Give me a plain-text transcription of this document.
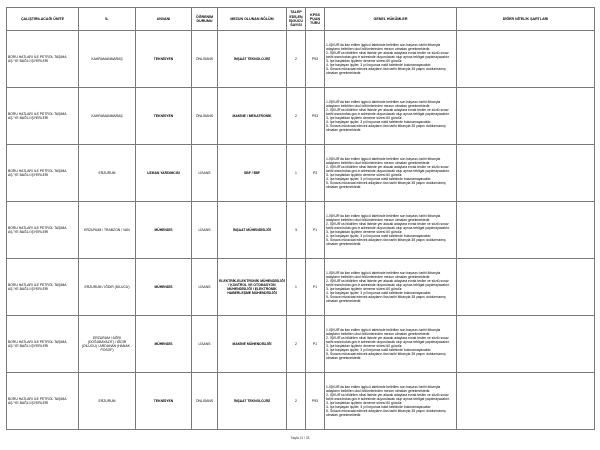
ÇALIŞTIRILACAĞI ÜNİTE	İL	UNVANI	ÖĞRENİM DURUMU	MEZUN OLUNAN BÖLÜM	TALEP EDİLEN İŞGÜCÜ SAYISI	KPSS PUAN TÜRÜ	GENEL HÜKÜMLER	DİĞER NİTELİK ŞARTLARI
BORU HATLARI İLE PETROL TAŞIMA AŞ.'YE BAĞLI İŞYERLERİ	KAHRAMANMARAŞ	TEKNİSYEN	ÖNLİSANS	İNŞAAT TEKNOLOJİSİ	2	P93	1-İŞKUR'da ilan edilen işgücü talebinde belirtilen son başvuru tarihi itibarıyla adayların belirtilen okul bölümlerinden mezun olmaları gerekmektedir.
2- İŞKUR'ca bildirilen nihai listede yer alacak adaylara evrak teslim ve sözlü sınav tarihi www.botas.gov.tr adresinde duyurulacak olup ayrıca tebligat yapılmayacaktır.
3- İşe başlatılan işçilerin deneme süresi 60 gündür.
4- İşe başlayan işçiler, 3 yıl boyunca nakil talebinde bulunamayacaktır.
5- Sınava müracaat edecek adayların ilan tarihi itibarıyla 35 yaşını doldurmamış olmaları gerekmektedir.	

BORU HATLARI İLE PETROL TAŞIMA AŞ.'YE BAĞLI İŞYERLERİ	KAHRAMANMARAŞ	TEKNİSYEN	ÖNLİSANS	MAKİNE / MEKATRONİK	2	P93	1-İŞKUR'da ilan edilen işgücü talebinde belirtilen son başvuru tarihi itibarıyla adayların belirtilen okul bölümlerinden mezun olmaları gerekmektedir.
2- İŞKUR'ca bildirilen nihai listede yer alacak adaylara evrak teslim ve sözlü sınav tarihi www.botas.gov.tr adresinde duyurulacak olup ayrıca tebligat yapılmayacaktır.
3- İşe başlatılan işçilerin deneme süresi 60 gündür.
4- İşe başlayan işçiler, 3 yıl boyunca nakil talebinde bulunamayacaktır.
5- Sınava müracaat edecek adayların ilan tarihi itibarıyla 35 yaşını doldurmamış olmaları gerekmektedir.	

BORU HATLARI İLE PETROL TAŞIMA AŞ.'YE BAĞLI İŞYERLERİ	ERZURUM	UZMAN YARDIMCISI	LİSANS	SBF / İİBF	1	P3	1-İŞKUR'da ilan edilen işgücü talebinde belirtilen son başvuru tarihi itibarıyla adayların belirtilen okul bölümlerinden mezun olmaları gerekmektedir.
2- İŞKUR'ca bildirilen nihai listede yer alacak adaylara evrak teslim ve sözlü sınav tarihi www.botas.gov.tr adresinde duyurulacak olup ayrıca tebligat yapılmayacaktır.
3- İşe başlatılan işçilerin deneme süresi 60 gündür.
4- İşe başlayan işçiler, 3 yıl boyunca nakil talebinde bulunamayacaktır.
5- Sınava müracaat edecek adayların ilan tarihi itibarıyla 35 yaşını doldurmamış olmaları gerekmektedir.	

BORU HATLARI İLE PETROL TAŞIMA AŞ.'YE BAĞLI İŞYERLERİ	ERZURUM / TRABZON / VAN	MÜHENDİS	LİSANS	İNŞAAT MÜHENDİSLİĞİ	3	P1	1-İŞKUR'da ilan edilen işgücü talebinde belirtilen son başvuru tarihi itibarıyla adayların belirtilen okul bölümlerinden mezun olmaları gerekmektedir.
2- İŞKUR'ca bildirilen nihai listede yer alacak adaylara evrak teslim ve sözlü sınav tarihi www.botas.gov.tr adresinde duyurulacak olup ayrıca tebligat yapılmayacaktır.
3- İşe başlatılan işçilerin deneme süresi 60 gündür.
4- İşe başlayan işçiler, 3 yıl boyunca nakil talebinde bulunamayacaktır.
5- Sınava müracaat edecek adayların ilan tarihi itibarıyla 35 yaşını doldurmamış olmaları gerekmektedir.	

BORU HATLARI İLE PETROL TAŞIMA AŞ.'YE BAĞLI İŞYERLERİ	ERZURUM / IĞDIR (DİLUCU)	MÜHENDİS	LİSANS	ELEKTRİK-ELEKTRONİK MÜHENDİSLİĞİ / KONTROL VE OTOMASYON MÜHENDİSLİĞİ / ELEKTRONİK HABERLEŞME MÜHENDİSLİĞİ	1	P1	1-İŞKUR'da ilan edilen işgücü talebinde belirtilen son başvuru tarihi itibarıyla adayların belirtilen okul bölümlerinden mezun olmaları gerekmektedir.
2- İŞKUR'ca bildirilen nihai listede yer alacak adaylara evrak teslim ve sözlü sınav tarihi www.botas.gov.tr adresinde duyurulacak olup ayrıca tebligat yapılmayacaktır.
3- İşe başlatılan işçilerin deneme süresi 60 gündür.
4- İşe başlayan işçiler, 3 yıl boyunca nakil talebinde bulunamayacaktır.
5- Sınava müracaat edecek adayların ilan tarihi itibarıyla 35 yaşını doldurmamış olmaları gerekmektedir.	

BORU HATLARI İLE PETROL TAŞIMA AŞ.'YE BAĞLI İŞYERLERİ	ERZURUM / AĞRI (DOĞUBAYAZIT) / IĞDIR (DİLUCU) / ARDAHAN (HANAK - POSOF)	MÜHENDİS	LİSANS	MAKİNE MÜHENDİSLİĞİ	2	P1	1-İŞKUR'da ilan edilen işgücü talebinde belirtilen son başvuru tarihi itibarıyla adayların belirtilen okul bölümlerinden mezun olmaları gerekmektedir.
2- İŞKUR'ca bildirilen nihai listede yer alacak adaylara evrak teslim ve sözlü sınav tarihi www.botas.gov.tr adresinde duyurulacak olup ayrıca tebligat yapılmayacaktır.
3- İşe başlatılan işçilerin deneme süresi 60 gündür.
4- İşe başlayan işçiler, 3 yıl boyunca nakil talebinde bulunamayacaktır.
5- Sınava müracaat edecek adayların ilan tarihi itibarıyla 35 yaşını doldurmamış olmaları gerekmektedir.	

BORU HATLARI İLE PETROL TAŞIMA AŞ.'YE BAĞLI İŞYERLERİ	ERZURUM	TEKNİSYEN	ÖNLİSANS	İNŞAAT TEKNOLOJİSİ	2	P93	1-İŞKUR'da ilan edilen işgücü talebinde belirtilen son başvuru tarihi itibarıyla adayların belirtilen okul bölümlerinden mezun olmaları gerekmektedir.
2- İŞKUR'ca bildirilen nihai listede yer alacak adaylara evrak teslim ve sözlü sınav tarihi www.botas.gov.tr adresinde duyurulacak olup ayrıca tebligat yapılmayacaktır.
3- İşe başlatılan işçilerin deneme süresi 60 gündür.
4- İşe başlayan işçiler, 3 yıl boyunca nakil talebinde bulunamayacaktır.
5- Sınava müracaat edecek adayların ilan tarihi itibarıyla 35 yaşını doldurmamış olmaları gerekmektedir.	

Sayfa 21 / 33
